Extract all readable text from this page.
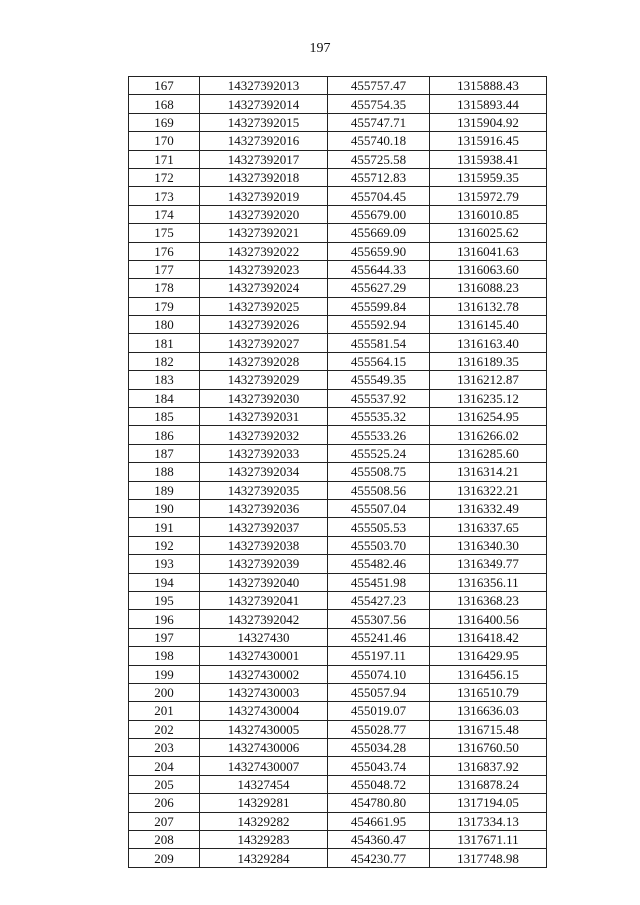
197
167	14327392013	455757.47	1315888.43
168	14327392014	455754.35	1315893.44
169	14327392015	455747.71	1315904.92
170	14327392016	455740.18	1315916.45
171	14327392017	455725.58	1315938.41
172	14327392018	455712.83	1315959.35
173	14327392019	455704.45	1315972.79
174	14327392020	455679.00	1316010.85
175	14327392021	455669.09	1316025.62
176	14327392022	455659.90	1316041.63
177	14327392023	455644.33	1316063.60
178	14327392024	455627.29	1316088.23
179	14327392025	455599.84	1316132.78
180	14327392026	455592.94	1316145.40
181	14327392027	455581.54	1316163.40
182	14327392028	455564.15	1316189.35
183	14327392029	455549.35	1316212.87
184	14327392030	455537.92	1316235.12
185	14327392031	455535.32	1316254.95
186	14327392032	455533.26	1316266.02
187	14327392033	455525.24	1316285.60
188	14327392034	455508.75	1316314.21
189	14327392035	455508.56	1316322.21
190	14327392036	455507.04	1316332.49
191	14327392037	455505.53	1316337.65
192	14327392038	455503.70	1316340.30
193	14327392039	455482.46	1316349.77
194	14327392040	455451.98	1316356.11
195	14327392041	455427.23	1316368.23
196	14327392042	455307.56	1316400.56
197	14327430	455241.46	1316418.42
198	14327430001	455197.11	1316429.95
199	14327430002	455074.10	1316456.15
200	14327430003	455057.94	1316510.79
201	14327430004	455019.07	1316636.03
202	14327430005	455028.77	1316715.48
203	14327430006	455034.28	1316760.50
204	14327430007	455043.74	1316837.92
205	14327454	455048.72	1316878.24
206	14329281	454780.80	1317194.05
207	14329282	454661.95	1317334.13
208	14329283	454360.47	1317671.11
209	14329284	454230.77	1317748.98
